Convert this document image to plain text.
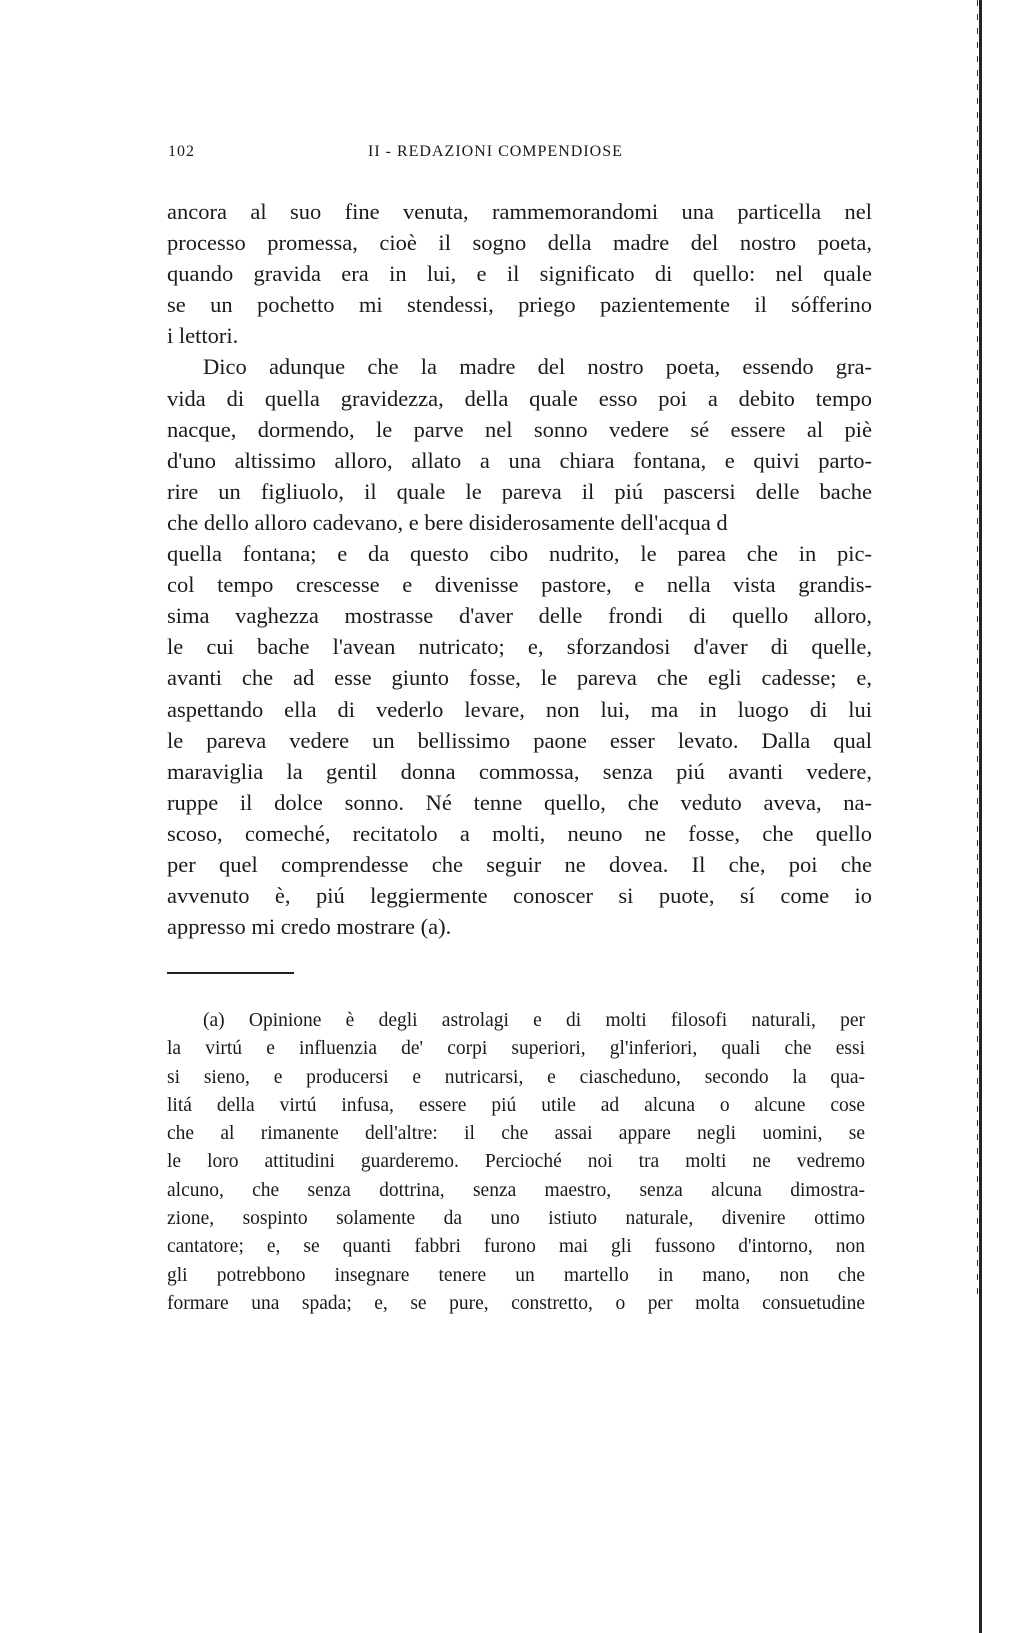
102	II - REDAZIONI COMPENDIOSE
ancora al suo fine venuta, rammemorandomi una particella nel
processo promessa, cioè il sogno della madre del nostro poeta,
quando gravida era in lui, e il significato di quello: nel quale
se un pochetto mi stendessi, priego pazientemente il sófferino
i lettori.
Dico adunque che la madre del nostro poeta, essendo gra-
vida di quella gravidezza, della quale esso poi a debito tempo
nacque, dormendo, le parve nel sonno vedere sé essere al piè
d'uno altissimo alloro, allato a una chiara fontana, e quivi parto-
rire un figliuolo, il quale le pareva il piú pascersi delle bache
che dello alloro cadevano, e bere disiderosamente dell'acqua d
quella fontana; e da questo cibo nudrito, le parea che in pic-
col tempo crescesse e divenisse pastore, e nella vista grandis-
sima vaghezza mostrasse d'aver delle frondi di quello alloro,
le cui bache l'avean nutricato; e, sforzandosi d'aver di quelle,
avanti che ad esse giunto fosse, le pareva che egli cadesse; e,
aspettando ella di vederlo levare, non lui, ma in luogo di lui
le pareva vedere un bellissimo paone esser levato. Dalla qual
maraviglia la gentil donna commossa, senza piú avanti vedere,
ruppe il dolce sonno. Né tenne quello, che veduto aveva, na-
scoso, comeché, recitatolo a molti, neuno ne fosse, che quello
per quel comprendesse che seguir ne dovea. Il che, poi che
avvenuto è, piú leggiermente conoscer si puote, sí come io
appresso mi credo mostrare (a).
(a) Opinione è degli astrolagi e di molti filosofi naturali, per
la virtú e influenzia de' corpi superiori, gl'inferiori, quali che essi
si sieno, e producersi e nutricarsi, e ciascheduno, secondo la qua-
litá della virtú infusa, essere piú utile ad alcuna o alcune cose
che al rimanente dell'altre: il che assai appare negli uomini, se
le loro attitudini guarderemo. Percioché noi tra molti ne vedremo
alcuno, che senza dottrina, senza maestro, senza alcuna dimostra-
zione, sospinto solamente da uno istiuto naturale, divenire ottimo
cantatore; e, se quanti fabbri furono mai gli fussono d'intorno, non
gli potrebbono insegnare tenere un martello in mano, non che
formare una spada; e, se pure, constretto, o per molta consuetudine
